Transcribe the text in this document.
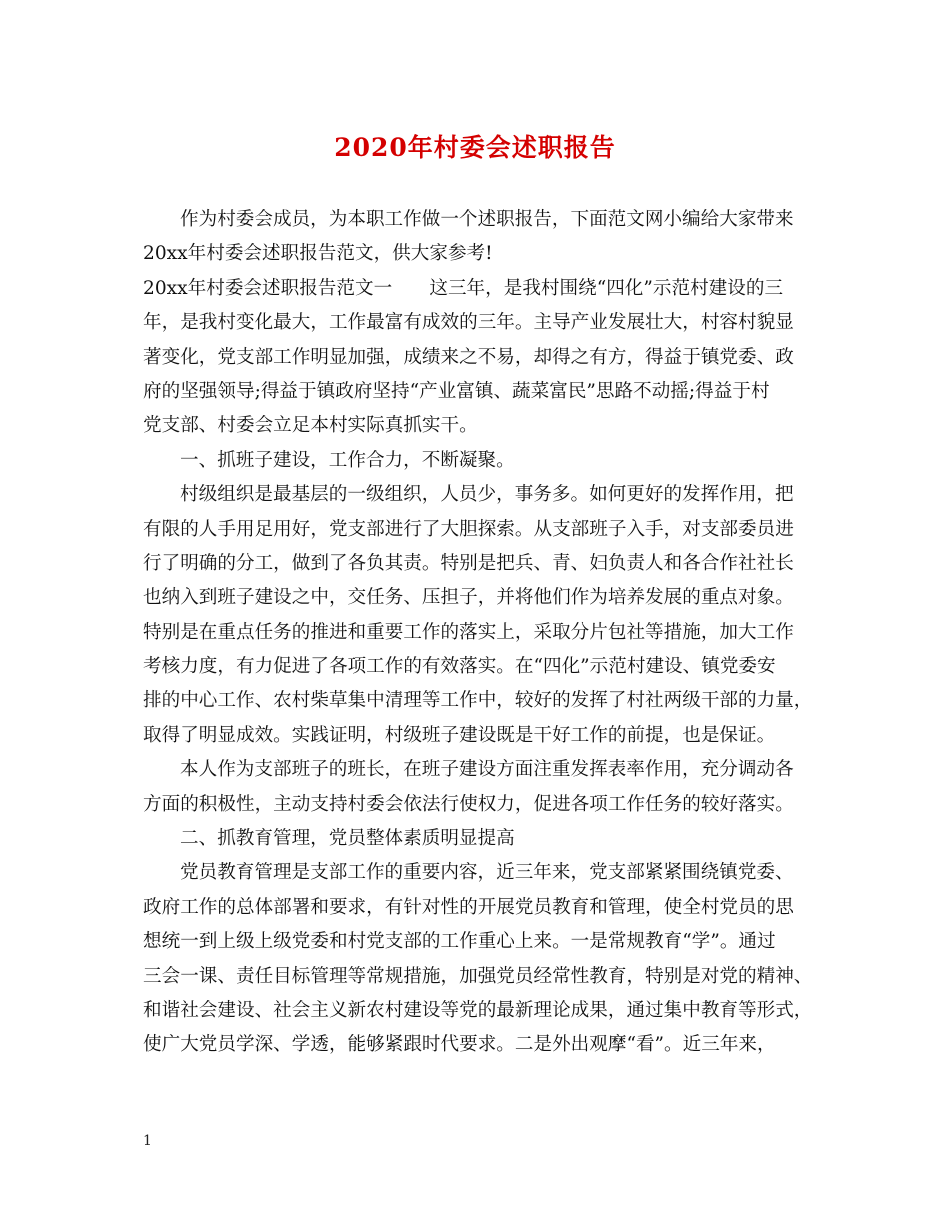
2020年村委会述职报告
作为村委会成员，为本职工作做一个述职报告，下面范文网小编给大家带来
20xx年村委会述职报告范文，供大家参考!
20xx年村委会述职报告范文一　　这三年，是我村围绕“四化”示范村建设的三
年，是我村变化最大，工作最富有成效的三年。主导产业发展壮大，村容村貌显
著变化，党支部工作明显加强，成绩来之不易，却得之有方，得益于镇党委、政
府的坚强领导;得益于镇政府坚持“产业富镇、蔬菜富民”思路不动摇;得益于村
党支部、村委会立足本村实际真抓实干。
一、抓班子建设，工作合力，不断凝聚。
村级组织是最基层的一级组织，人员少，事务多。如何更好的发挥作用，把
有限的人手用足用好，党支部进行了大胆探索。从支部班子入手，对支部委员进
行了明确的分工，做到了各负其责。特别是把兵、青、妇负责人和各合作社社长
也纳入到班子建设之中，交任务、压担子，并将他们作为培养发展的重点对象。
特别是在重点任务的推进和重要工作的落实上，采取分片包社等措施，加大工作
考核力度，有力促进了各项工作的有效落实。在“四化”示范村建设、镇党委安
排的中心工作、农村柴草集中清理等工作中，较好的发挥了村社两级干部的力量，
取得了明显成效。实践证明，村级班子建设既是干好工作的前提，也是保证。
本人作为支部班子的班长，在班子建设方面注重发挥表率作用，充分调动各
方面的积极性，主动支持村委会依法行使权力，促进各项工作任务的较好落实。
二、抓教育管理，党员整体素质明显提高
党员教育管理是支部工作的重要内容，近三年来，党支部紧紧围绕镇党委、
政府工作的总体部署和要求，有针对性的开展党员教育和管理，使全村党员的思
想统一到上级上级党委和村党支部的工作重心上来。一是常规教育“学”。通过
三会一课、责任目标管理等常规措施，加强党员经常性教育，特别是对党的精神、
和谐社会建设、社会主义新农村建设等党的最新理论成果，通过集中教育等形式，
使广大党员学深、学透，能够紧跟时代要求。二是外出观摩“看”。近三年来，
1
